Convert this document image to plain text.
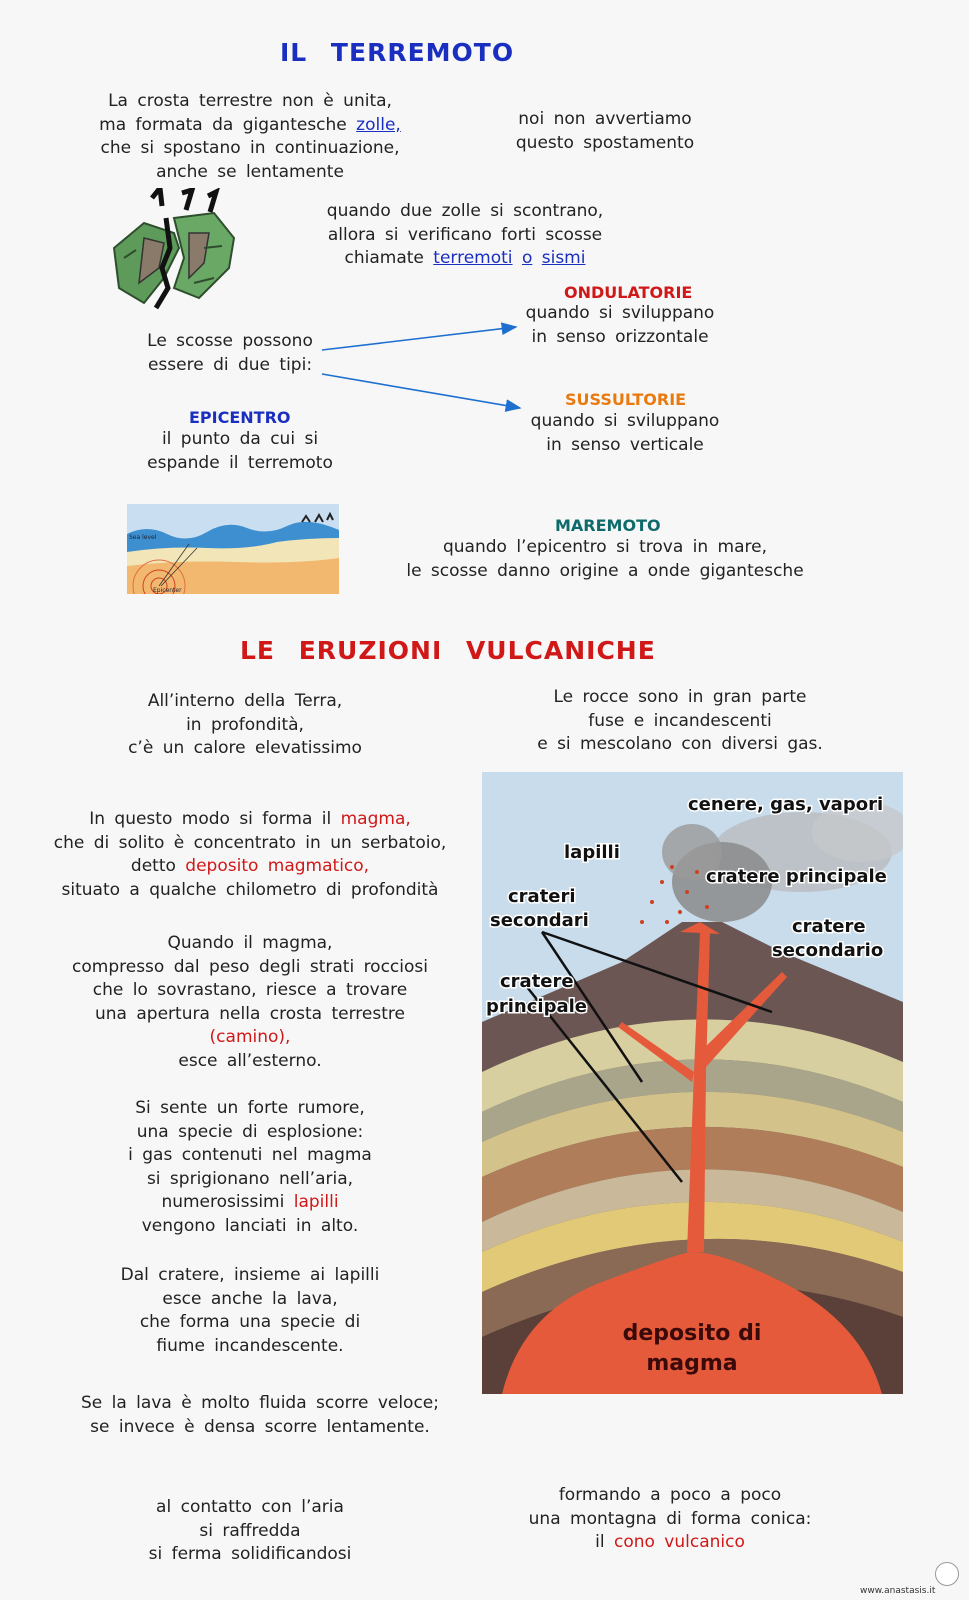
IL TERREMOTO
La crosta terrestre non è unita,
ma formata da gigantesche zolle,
che si spostano in continuazione,
anche se lentamente
noi non avvertiamo
questo spostamento
quando due zolle si scontrano,
allora si verificano forti scosse
chiamate terremoti o sismi
ONDULATORIE
quando si sviluppano
in senso orizzontale
Le scosse possono
essere di due tipi:
SUSSULTORIE
quando si sviluppano
in senso verticale
EPICENTRO
il punto da cui si
espande il terremoto
Sea level
Epicenter
MAREMOTO
quando l’epicentro si trova in mare,
le scosse danno origine a onde gigantesche
LE ERUZIONI VULCANICHE
All’interno della Terra,
in profondità,
c’è un calore elevatissimo
Le rocce sono in gran parte
fuse e incandescenti
e si mescolano con diversi gas.
In questo modo si forma il magma,
che di solito è concentrato in un serbatoio,
detto deposito magmatico,
situato a qualche chilometro di profondità
Quando il magma,
compresso dal peso degli strati rocciosi
che lo sovrastano, riesce a trovare
una apertura nella crosta terrestre
(camino),
esce all’esterno.
Si sente un forte rumore,
una specie di esplosione:
i gas contenuti nel magma
si sprigionano nell’aria,
numerosissimi lapilli
vengono lanciati in alto.
Dal cratere, insieme ai lapilli
esce anche la lava,
che forma una specie di
fiume incandescente.
Se la lava è molto fluida scorre veloce;
se invece è densa scorre lentamente.
al contatto con l’aria
si raffredda
si ferma solidificandosi
formando a poco a poco
una montagna di forma conica:
il cono vulcanico
cenere, gas, vapori
lapilli
cratere principale
crateri
secondari	cratere
secondario
cratere
principale
deposito di
magma
www.anastasis.it
